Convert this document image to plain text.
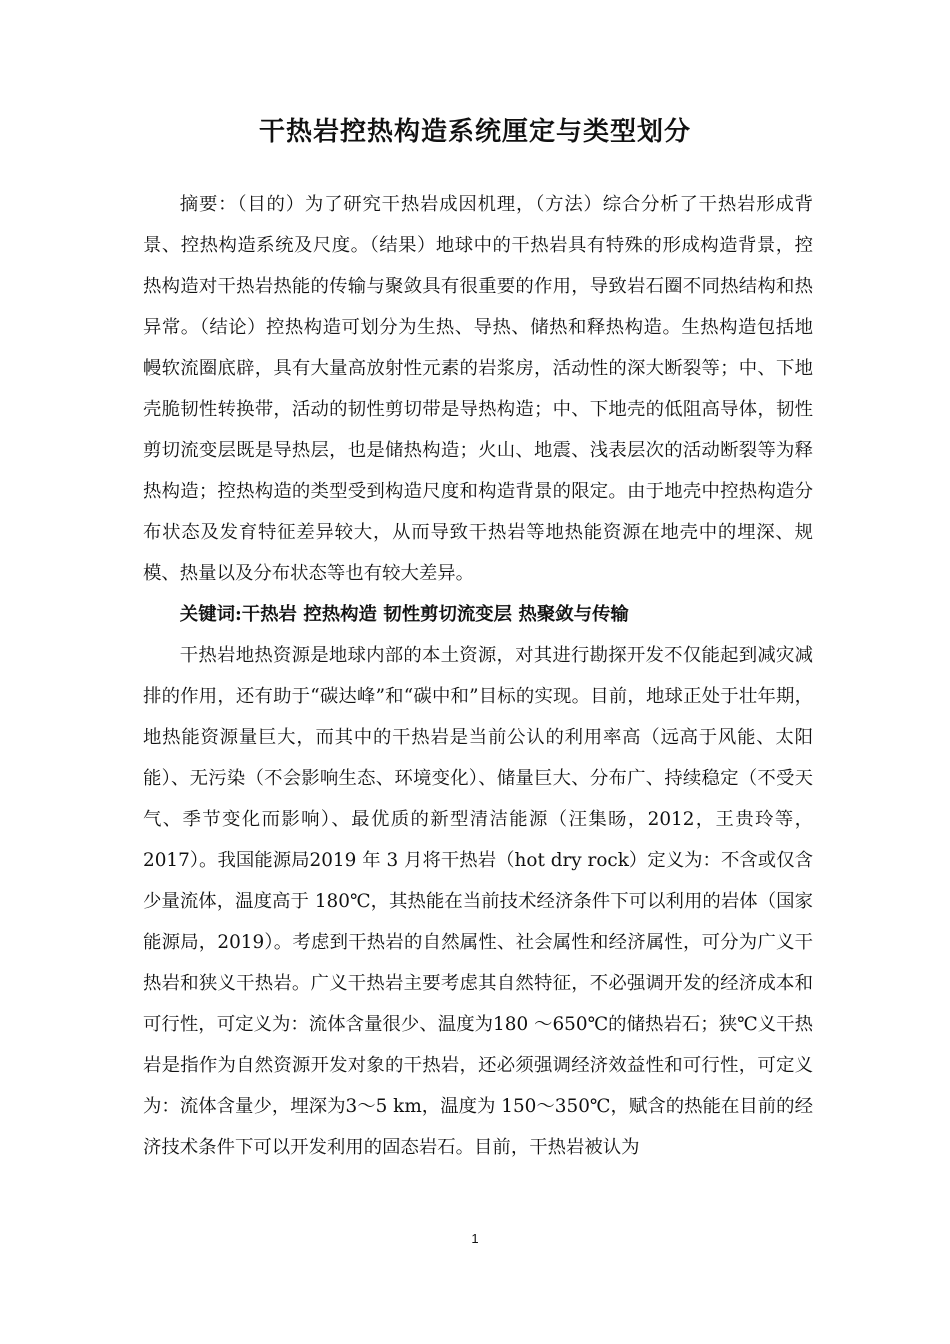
干热岩控热构造系统厘定与类型划分

摘要：（目的）为了研究干热岩成因机理，（方法）综合分析了干热岩形成背景、控热构造系统及尺度。（结果）地球中的干热岩具有特殊的形成构造背景，控热构造对干热岩热能的传输与聚敛具有很重要的作用，导致岩石圈不同热结构和热异常。（结论）控热构造可划分为生热、导热、储热和释热构造。生热构造包括地幔软流圈底辟，具有大量高放射性元素的岩浆房，活动性的深大断裂等；中、下地壳脆韧性转换带，活动的韧性剪切带是导热构造；中、下地壳的低阻高导体，韧性剪切流变层既是导热层，也是储热构造；火山、地震、浅表层次的活动断裂等为释热构造；控热构造的类型受到构造尺度和构造背景的限定。由于地壳中控热构造分布状态及发育特征差异较大，从而导致干热岩等地热能资源在地壳中的埋深、规模、热量以及分布状态等也有较大差异。

关键词:干热岩 控热构造 韧性剪切流变层 热聚敛与传输

干热岩地热资源是地球内部的本土资源，对其进行勘探开发不仅能起到减灾减排的作用，还有助于“碳达峰”和“碳中和”目标的实现。目前，地球正处于壮年期，地热能资源量巨大，而其中的干热岩是当前公认的利用率高（远高于风能、太阳能）、无污染（不会影响生态、环境变化）、储量巨大、分布广、持续稳定（不受天气、季节变化而影响）、最优质的新型清洁能源（汪集旸，2012，王贵玲等，2017）。我国能源局2019 年 3 月将干热岩（hot dry rock）定义为：不含或仅含少量流体，温度高于 180℃，其热能在当前技术经济条件下可以利用的岩体（国家能源局，2019）。考虑到干热岩的自然属性、社会属性和经济属性，可分为广义干热岩和狭义干热岩。广义干热岩主要考虑其自然特征，不必强调开发的经济成本和可行性，可定义为：流体含量很少、温度为180 ～650℃的储热岩石；狭℃义干热岩是指作为自然资源开发对象的干热岩，还必须强调经济效益性和可行性，可定义为：流体含量少，埋深为3～5 km，温度为 150～350℃，赋含的热能在目前的经济技术条件下可以开发利用的固态岩石。目前，干热岩被认为

1
